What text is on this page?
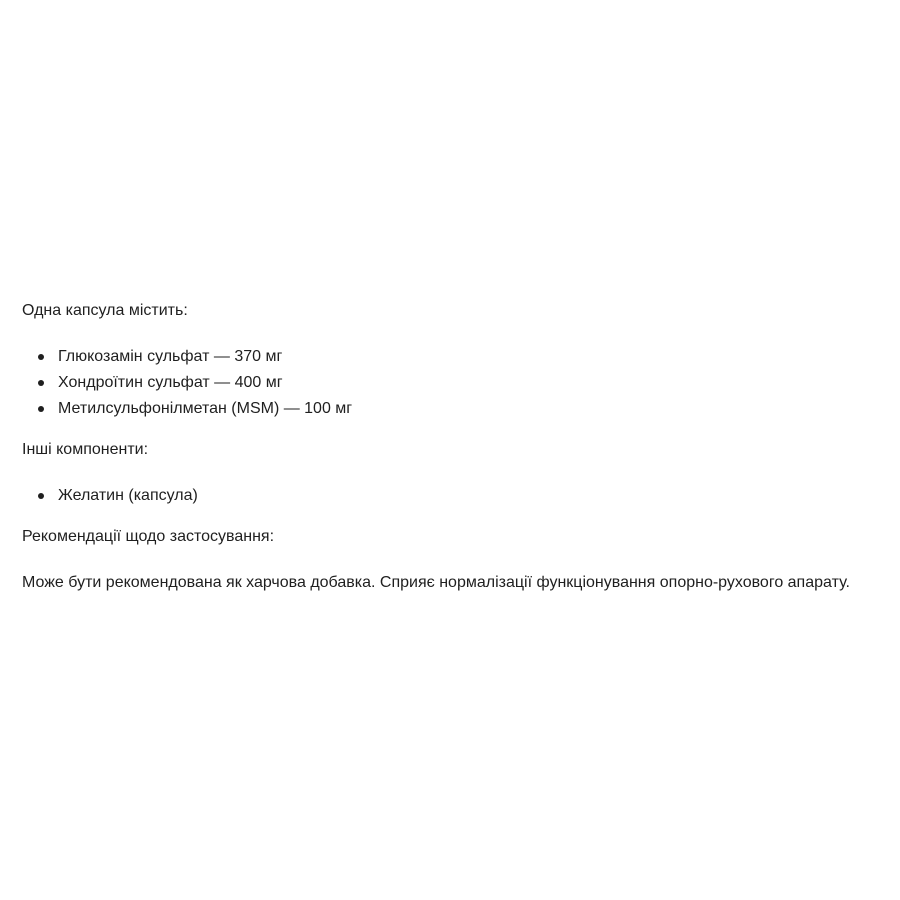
Одна капсула містить:

Глюкозамін сульфат — 370 мг
Хондроїтин сульфат — 400 мг
Метилсульфонілметан (MSM) — 100 мг

Інші компоненти:

Желатин (капсула)

Рекомендації щодо застосування:

Може бути рекомендована як харчова добавка. Сприяє нормалізації функціонування опорно-рухового апарату.
